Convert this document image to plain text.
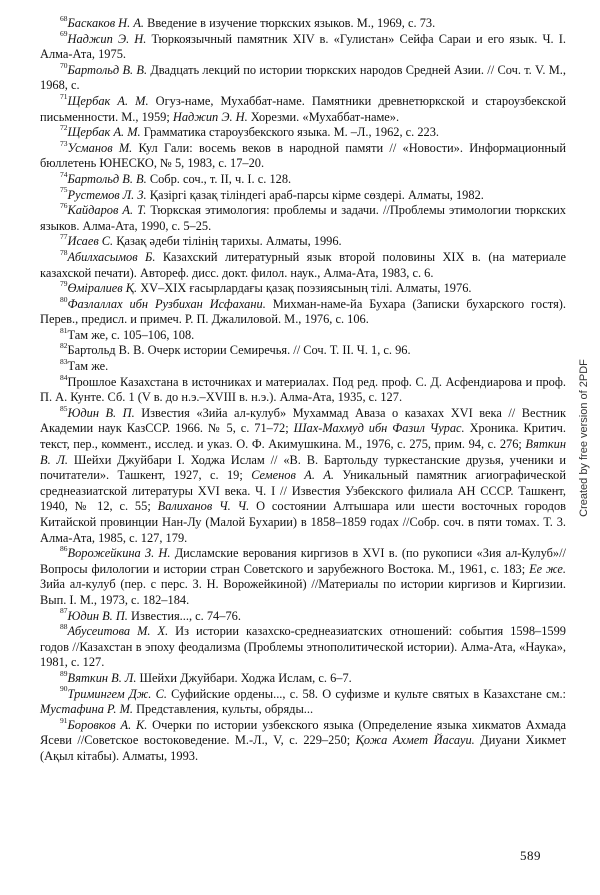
$^{68}$Баскаков Н. А. Введение в изучение тюркских языков. М., 1969, с. 73.

$^{69}$Наджип Э. Н. Тюркоязычный памятник XIV в. «Гулистан» Сейфа Сараи и его язык. Ч. I. Алма-Ата, 1975.

$^{70}$Бартольд В. В. Двадцать лекций по истории тюркских народов Средней Азии. // Соч. т. V. М., 1968, с.

$^{71}$Щербак А. М. Огуз-наме, Мухаббат-наме. Памятники древнетюркской и староузбекской письменности. М., 1959; Наджип Э. Н. Хорезми. «Мухаббат-наме».

$^{72}$Щербак А. М. Грамматика староузбекского языка. М. –Л., 1962, с. 223.

$^{73}$Усманов М. Кул Гали: восемь веков в народной памяти // «Новости». Информационный бюллетень ЮНЕСКО, № 5, 1983, с. 17–20.

$^{74}$Бартольд В. В. Собр. соч., т. II, ч. I. с. 128.

$^{75}$Рустемов Л. З. Қазіргі қазақ тіліндегі араб-парсы кірме сөздері. Алматы, 1982.

$^{76}$Кайдаров А. Т. Тюркская этимология: проблемы и задачи. //Проблемы этимологии тюркских языков. Алма-Ата, 1990, с. 5–25.

$^{77}$Исаев С. Қазақ әдеби тілінің тарихы. Алматы, 1996.

$^{78}$Абилхасымов Б. Казахский литературный язык второй половины XIX в. (на материале казахской печати). Автореф. дисс. докт. филол. наук., Алма-Ата, 1983, с. 6.

$^{79}$Өміралиев Қ. XV–XIX ғасырлардағы қазақ поэзиясының тілі. Алматы, 1976.

$^{80}$Фазлаллах ибн Рузбихан Исфахани. Михман-наме-йа Бухара (Записки бухарского гостя). Перев., предисл. и примеч. Р. П. Джалиловой. М., 1976, с. 106.

$^{81}$Там же, с. 105–106, 108.

$^{82}$Бартольд В. В. Очерк истории Семиречья. // Соч. Т. II. Ч. 1, с. 96.

$^{83}$Там же.

$^{84}$Прошлое Казахстана в источниках и материалах. Под ред. проф. С. Д. Асфендиарова и проф. П. А. Кунте. Сб. 1 (V в. до н.э.–XVIII в. н.э.). Алма-Ата, 1935, с. 127.

$^{85}$Юдин В. П. Известия «Зийа ал-кулуб» Мухаммад Аваза о казахах XVI века // Вестник Академии наук КазССР. 1966. № 5, с. 71–72; Шах-Махмуд ибн Фазил Чурас. Хроника. Критич. текст, пер., коммент., исслед. и указ. О. Ф. Акимушкина. М., 1976, с. 275, прим. 94, с. 276; Вяткин В. Л. Шейхи Джуйбари I. Ходжа Ислам // «В. В. Бартольду туркестанские друзья, ученики и почитатели». Ташкент, 1927, с. 19; Семенов А. А. Уникальный памятник агиографической среднеазиатской литературы XVI века. Ч. I // Известия Узбекского филиала АН СССР. Ташкент, 1940, № 12, с. 55; Валиханов Ч. Ч. О состоянии Алтышара или шести восточных городов Китайской провинции Нан-Лу (Малой Бухарии) в 1858–1859 годах //Собр. соч. в пяти томах. Т. 3. Алма-Ата, 1985, с. 127, 179.

$^{86}$Ворожейкина З. Н. Дисламские верования киргизов в XVI в. (по рукописи «Зия ал-Кулуб»// Вопросы филологии и истории стран Советского и зарубежного Востока. М., 1961, с. 183; Ее же. Зийа ал-кулуб (пер. с перс. З. Н. Ворожейкиной) //Материалы по истории киргизов и Киргизии. Вып. I. М., 1973, с. 182–184.

$^{87}$Юдин В. П. Известия..., с. 74–76.

$^{88}$Абусеитова М. Х. Из истории казахско-среднеазиатских отношений: события 1598–1599 годов //Казахстан в эпоху феодализма (Проблемы этнополитической истории). Алма-Ата, «Наука», 1981, с. 127.

$^{89}$Вяткин В. Л. Шейхи Джуйбари. Ходжа Ислам, с. 6–7.

$^{90}$Тримингем Дж. С. Суфийские ордены..., с. 58. О суфизме и культе святых в Казахстане см.: Мустафина Р. М. Представления, культы, обряды...

$^{91}$Боровков А. К. Очерки по истории узбекского языка (Определение языка хикматов Ахмада Ясеви //Советское востоковедение. М.-Л., V, с. 229–250; Қожа Ахмет Йасауи. Диуани Хикмет (Ақыл кітабы). Алматы, 1993.

589
Created by free version of 2PDF
